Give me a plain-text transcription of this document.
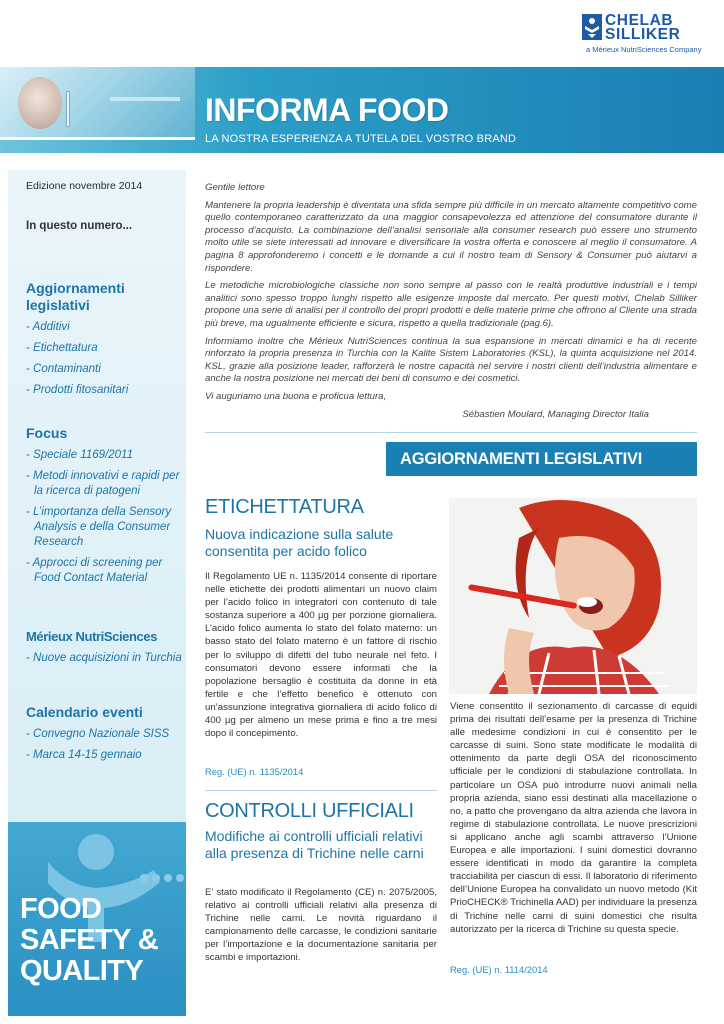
CHELAB
SILLIKER
a Mérieux NutriSciences Company
INFORMA FOOD
LA NOSTRA ESPERIENZA A TUTELA DEL VOSTRO BRAND
Edizione novembre 2014
In questo numero...
Aggiornamenti legislativi
- Additivi
- Etichettatura
- Contaminanti
- Prodotti fitosanitari
Focus
- Speciale 1169/2011
- Metodi innovativi e rapidi per la ricerca di patogeni
- L’importanza della Sensory Analysis e della Consumer Research
- Approcci di screening per Food Contact Material
Mérieux NutriSciences
- Nuove acquisizioni in Turchia
Calendario eventi
- Convegno Nazionale SISS
- Marca 14-15 gennaio
FOOD
SAFETY &
QUALITY

Gentile lettore

Mantenere la propria leadership è diventata una sfida sempre più difficile in un mercato altamente competitivo come quello contemporaneo caratterizzato da una maggior consapevolezza ed attenzione del consumatore durante il processo d’acquisto. La combinazione dell’analisi sensoriale alla consumer research può essere uno strumento molto utile se siete interessati ad innovare e diversificare la vostra offerta e conoscere al meglio il consumatore. A pagina 8 approfonderemo i concetti e le domande a cui il nostro team di Sensory & Consumer può aiutarvi a rispondere.

Le metodiche microbiologiche classiche non sono sempre al passo con le realtà produttive industriali e i tempi analitici sono spesso troppo lunghi rispetto alle esigenze imposte dal mercato. Per questi motivi, Chelab Silliker propone una serie di analisi per il controllo dei propri prodotti e delle materie prime che offrono al Cliente una strada più breve, ma ugualmente efficiente e sicura, rispetto a quella tradizionale (pag.6).

Informiamo inoltre che Mérieux NutriSciences continua la sua espansione in mercati dinamici e ha di recente rinforzato la propria presenza in Turchia con la Kalite Sistem Laboratories (KSL), la quinta acquisizione nel 2014. KSL, grazie alla posizione leader, rafforzerà le nostre capacità nel servire i nostri clienti dell’industria alimentare e anche la nostra posizione nei mercati dei beni di consumo e dei cosmetici.

Vi auguriamo una buona e proficua lettura,

Sébastien Moulard, Managing Director Italia

AGGIORNAMENTI LEGISLATIVI
ETICHETTATURA
Nuova indicazione sulla salute consentita per acido folico
Il Regolamento UE n. 1135/2014 consente di riportare nelle etichette dei prodotti alimentari un nuovo claim per l’acido folico in integratori con contenuto di tale sostanza superiore a 400 µg per porzione giornaliera. L’acido folico aumenta lo stato del folato materno: un basso stato del folato materno è un fattore di rischio per lo sviluppo di difetti del tubo neurale nel feto. I consumatori devono essere informati che la popolazione bersaglio è costituita da donne in età fertile e che l’effetto benefico è ottenuto con un’assunzione integrativa giornaliera di acido folico di 400 µg per almeno un mese prima e fino a tre mesi dopo il concepimento.
Reg. (UE) n. 1135/2014
CONTROLLI UFFICIALI
Modifiche ai controlli ufficiali relativi alla presenza di Trichine nelle carni
E’ stato modificato il Regolamento (CE) n. 2075/2005, relativo ai controlli ufficiali relativi alla presenza di Trichine nelle carni. Le novità riguardano il campionamento delle carcasse, le condizioni sanitarie per l’importazione e la documentazione sanitaria per scambi e importazioni.
Viene consentito il sezionamento di carcasse di equidi prima dei risultati dell’esame per la presenza di Trichine alle medesime condizioni in cui è consentito per le carcasse di suini. Sono state modificate le modalità di ottenimento da parte degli OSA del riconoscimento ufficiale per le condizioni di stabulazione controllata. In particolare un OSA può introdurre nuovi animali nella propria azienda, siano essi destinati alla macellazione o no, a patto che provengano da altra azienda che lavora in regime di stabulazione controllata. Le nuove prescrizioni si applicano anche agli scambi attraverso l’Unione Europea e alle importazioni. I suini domestici dovranno essere identificati in modo da garantire la completa tracciabilità per ciascun di essi. Il laboratorio di riferimento dell’Unione Europea ha convalidato un nuovo metodo (Kit PrioCHECK® Trichinella AAD) per individuare la presenza di Trichine nelle carni di suini domestici che risulta autorizzato per la ricerca di Trichine su questa specie.
Reg. (UE) n. 1114/2014
